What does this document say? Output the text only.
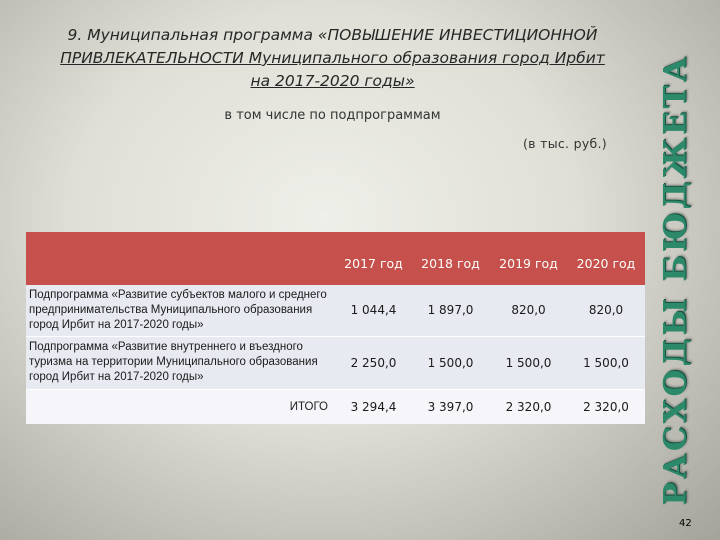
9. Муниципальная программа «ПОВЫШЕНИЕ ИНВЕСТИЦИОННОЙ
ПРИВЛЕКАТЕЛЬНОСТИ Муниципального образования город Ирбит
на 2017-2020 годы»
в том числе по подпрограммам
(в тыс. руб.) РАСХОДЫ БЮДЖЕТА
42
	2017 год	2018 год	2019 год	2020 год
Подпрограмма «Развитие субъектов малого и среднего предпринимательства Муниципального образования город Ирбит на 2017-2020 годы»	1 044,4	1 897,0	820,0	820,0
Подпрограмма «Развитие внутреннего и въездного туризма на территории Муниципального образования город Ирбит на 2017-2020 годы»	2 250,0	1 500,0	1 500,0	1 500,0
ИТОГО	3 294,4	3 397,0	2 320,0	2 320,0
